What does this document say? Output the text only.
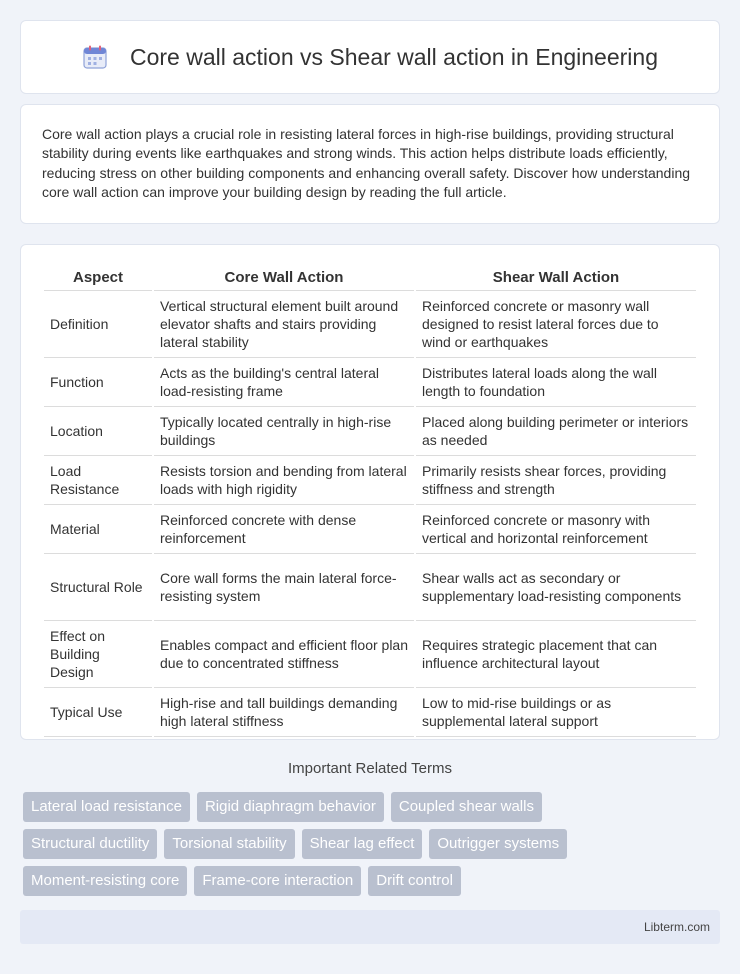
Core wall action vs Shear wall action in Engineering

Core wall action plays a crucial role in resisting lateral forces in high-rise buildings, providing structural stability during events like earthquakes and strong winds. This action helps distribute loads efficiently, reducing stress on other building components and enhancing overall safety. Discover how understanding core wall action can improve your building design by reading the full article.

Aspect	Core Wall Action	Shear Wall Action
Definition	Vertical structural element built around elevator shafts and stairs providing lateral stability	Reinforced concrete or masonry wall designed to resist lateral forces due to wind or earthquakes
Function	Acts as the building's central lateral load-resisting frame	Distributes lateral loads along the wall length to foundation
Location	Typically located centrally in high-rise buildings	Placed along building perimeter or interiors as needed
Load Resistance	Resists torsion and bending from lateral loads with high rigidity	Primarily resists shear forces, providing stiffness and strength
Material	Reinforced concrete with dense reinforcement	Reinforced concrete or masonry with vertical and horizontal reinforcement
Structural Role	Core wall forms the main lateral force-resisting system	Shear walls act as secondary or supplementary load-resisting components
Effect on Building Design	Enables compact and efficient floor plan due to concentrated stiffness	Requires strategic placement that can influence architectural layout
Typical Use	High-rise and tall buildings demanding high lateral stiffness	Low to mid-rise buildings or as supplemental lateral support
Important Related Terms
Lateral load resistance	Rigid diaphragm behavior	Coupled shear walls
Structural ductility	Torsional stability	Shear lag effect	Outrigger systems
Moment-resisting core	Frame-core interaction	Drift control
Libterm.com
